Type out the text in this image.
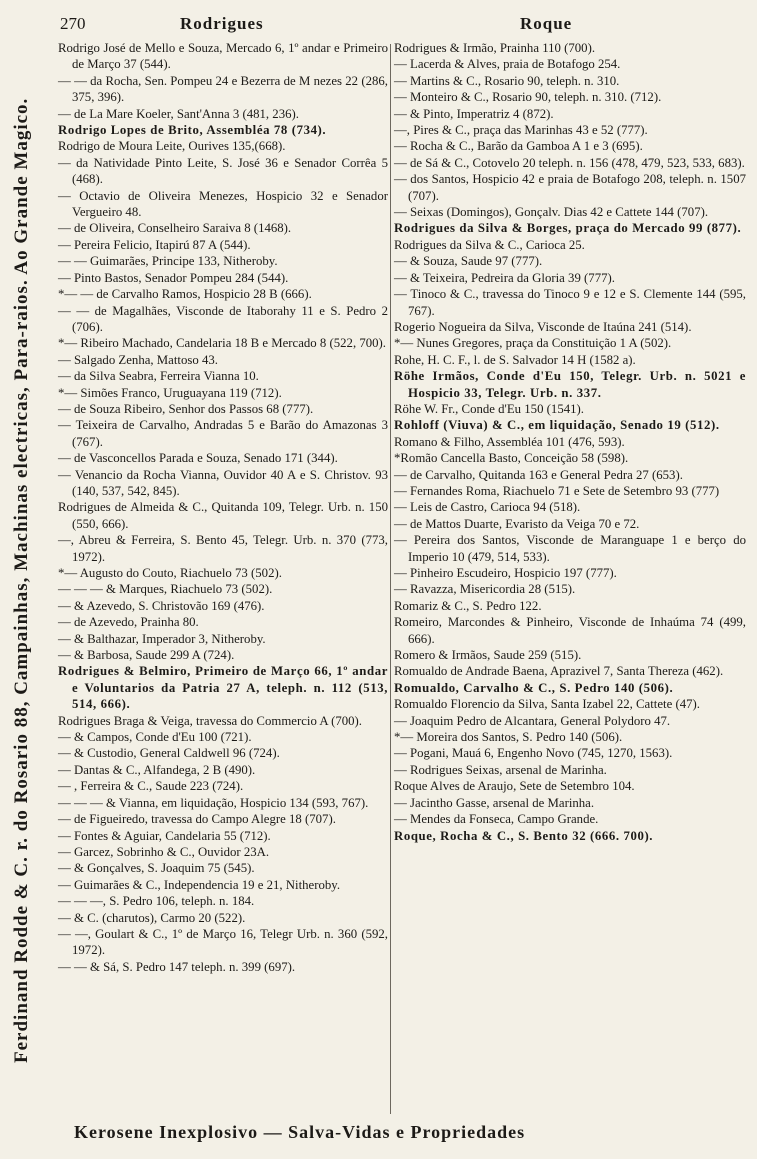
270	Rodrigues	Roque
Ferdinand Rodde & C. r. do Rosario 88, Campainhas, Machinas electricas, Para-raios. Ao Grande Magico.
Rodrigo José de Mello e Souza, Mercado 6, 1º andar e Primeiro de Março 37 (544).
— — da Rocha, Sen. Pompeu 24 e Bezerra de M nezes 22 (286, 375, 396).
— de La Mare Koeler, Sant'Anna 3 (481, 236).
Rodrigo Lopes de Brito, Assembléa 78 (734).
Rodrigo de Moura Leite, Ourives 135,(668).
— da Natividade Pinto Leite, S. José 36 e Senador Corrêa 5 (468).
— Octavio de Oliveira Menezes, Hospicio 32 e Senador Vergueiro 48.
— de Oliveira, Conselheiro Saraiva 8 (1468).
— Pereira Felicio, Itapirú 87 A (544).
— — Guimarães, Principe 133, Nitheroby.
— Pinto Bastos, Senador Pompeu 284 (544).
*— — de Carvalho Ramos, Hospicio 28 B (666).
— — de Magalhães, Visconde de Itaborahy 11 e S. Pedro 2 (706).
*— Ribeiro Machado, Candelaria 18 B e Mercado 8 (522, 700).
— Salgado Zenha, Mattoso 43.
— da Silva Seabra, Ferreira Vianna 10.
*— Simões Franco, Uruguayana 119 (712).
— de Souza Ribeiro, Senhor dos Passos 68 (777).
— Teixeira de Carvalho, Andradas 5 e Barão do Amazonas 3 (767).
— de Vasconcellos Parada e Souza, Senado 171 (344).
— Venancio da Rocha Vianna, Ouvidor 40 A e S. Christov. 93 (140, 537, 542, 845).
Rodrigues de Almeida & C., Quitanda 109, Telegr. Urb. n. 150 (550, 666).
—, Abreu & Ferreira, S. Bento 45, Telegr. Urb. n. 370 (773, 1972).
*— Augusto do Couto, Riachuelo 73 (502).
— — — & Marques, Riachuelo 73 (502).
— & Azevedo, S. Christovão 169 (476).
— de Azevedo, Prainha 80.
— & Balthazar, Imperador 3, Nitheroby.
— & Barbosa, Saude 299 A (724).
Rodrigues & Belmiro, Primeiro de Março 66, 1º andar e Voluntarios da Patria 27 A, teleph. n. 112 (513, 514, 666).
Rodrigues Braga & Veiga, travessa do Commercio A (700).
— & Campos, Conde d'Eu 100 (721).
— & Custodio, General Caldwell 96 (724).
— Dantas & C., Alfandega, 2 B (490).
— , Ferreira & C., Saude 223 (724).
— — — & Vianna, em liquidação, Hospicio 134 (593, 767).
— de Figueiredo, travessa do Campo Alegre 18 (707).
— Fontes & Aguiar, Candelaria 55 (712).
— Garcez, Sobrinho & C., Ouvidor 23A.
— & Gonçalves, S. Joaquim 75 (545).
— Guimarães & C., Independencia 19 e 21, Nitheroby.
— — —, S. Pedro 106, teleph. n. 184.
— & C. (charutos), Carmo 20 (522).
— —, Goulart & C., 1º de Março 16, Telegr Urb. n. 360 (592, 1972).
— — & Sá, S. Pedro 147 teleph. n. 399 (697).
Rodrigues & Irmão, Prainha 110 (700).
— Lacerda & Alves, praia de Botafogo 254.
— Martins & C., Rosario 90, teleph. n. 310.
— Monteiro & C., Rosario 90, teleph. n. 310. (712).
— & Pinto, Imperatriz 4 (872).
—, Pires & C., praça das Marinhas 43 e 52 (777).
— Rocha & C., Barão da Gamboa A 1 e 3 (695).
— de Sá & C., Cotovelo 20 teleph. n. 156 (478, 479, 523, 533, 683).
— dos Santos, Hospicio 42 e praia de Botafogo 208, teleph. n. 1507 (707).
— Seixas (Domingos), Gonçalv. Dias 42 e Cattete 144 (707).
Rodrigues da Silva & Borges, praça do Mercado 99 (877).
Rodrigues da Silva & C., Carioca 25.
— & Souza, Saude 97 (777).
— & Teixeira, Pedreira da Gloria 39 (777).
— Tinoco & C., travessa do Tinoco 9 e 12 e S. Clemente 144 (595, 767).
Rogerio Nogueira da Silva, Visconde de Itaúna 241 (514).
*— Nunes Gregores, praça da Constituição 1 A (502).
Rohe, H. C. F., l. de S. Salvador 14 H (1582 a).
Röhe Irmãos, Conde d'Eu 150, Telegr. Urb. n. 5021 e Hospicio 33, Telegr. Urb. n. 337.
Röhe W. Fr., Conde d'Eu 150 (1541).
Rohloff (Viuva) & C., em liquidação, Senado 19 (512).
Romano & Filho, Assembléa 101 (476, 593).
*Romão Cancella Basto, Conceição 58 (598).
— de Carvalho, Quitanda 163 e General Pedra 27 (653).
— Fernandes Roma, Riachuelo 71 e Sete de Setembro 93 (777)
— Leis de Castro, Carioca 94 (518).
— de Mattos Duarte, Evaristo da Veiga 70 e 72.
— Pereira dos Santos, Visconde de Maranguape 1 e berço do Imperio 10 (479, 514, 533).
— Pinheiro Escudeiro, Hospicio 197 (777).
— Ravazza, Misericordia 28 (515).
Romariz & C., S. Pedro 122.
Romeiro, Marcondes & Pinheiro, Visconde de Inhaúma 74 (499, 666).
Romero & Irmãos, Saude 259 (515).
Romualdo de Andrade Baena, Aprazivel 7, Santa Thereza (462).
Romualdo, Carvalho & C., S. Pedro 140 (506).
Romualdo Florencio da Silva, Santa Izabel 22, Cattete (47).
— Joaquim Pedro de Alcantara, General Polydoro 47.
*— Moreira dos Santos, S. Pedro 140 (506).
— Pogani, Mauá 6, Engenho Novo (745, 1270, 1563).
— Rodrigues Seixas, arsenal de Marinha.
Roque Alves de Araujo, Sete de Setembro 104.
— Jacintho Gasse, arsenal de Marinha.
— Mendes da Fonseca, Campo Grande.
Roque, Rocha & C., S. Bento 32 (666. 700).
Kerosene Inexplosivo — Salva-Vidas e Propriedades
